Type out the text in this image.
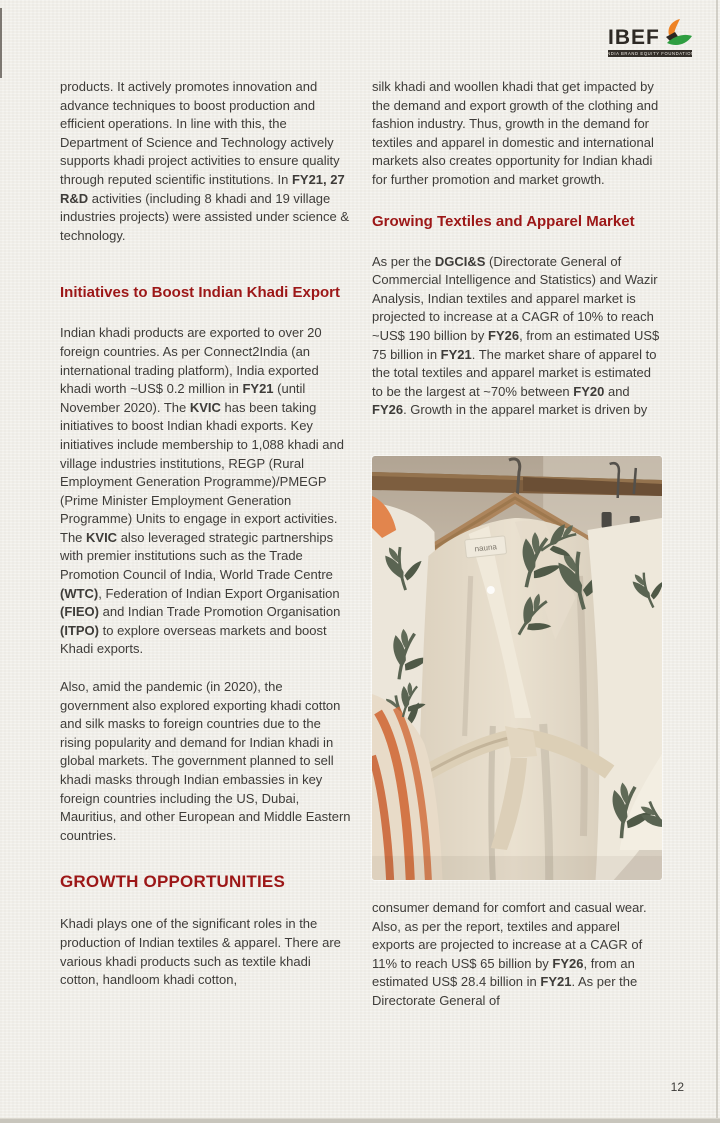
IBEF
INDIA BRAND EQUITY FOUNDATION

products. It actively promotes innovation and advance techniques to boost production and efficient operations. In line with this, the Department of Science and Technology actively supports khadi project activities to ensure quality through reputed scientific institutions. In FY21, 27 R&D activities (including 8 khadi and 19 village industries projects) were assisted under science & technology.

Initiatives to Boost Indian Khadi Export

Indian khadi products are exported to over 20 foreign countries. As per Connect2India (an international trading platform), India exported khadi worth ~US$ 0.2 million in FY21 (until November 2020). The KVIC has been taking initiatives to boost Indian khadi exports. Key initiatives include membership to 1,088 khadi and village industries institutions, REGP (Rural Employment Generation Programme)/PMEGP (Prime Minister Employment Generation Programme) Units to engage in export activities. The KVIC also leveraged strategic partnerships with premier institutions such as the Trade Promotion Council of India, World Trade Centre (WTC), Federation of Indian Export Organisation (FIEO) and Indian Trade Promotion Organisation (ITPO) to explore overseas markets and boost Khadi exports.

Also, amid the pandemic (in 2020), the government also explored exporting khadi cotton and silk masks to foreign countries due to the rising popularity and demand for Indian khadi in global markets. The government planned to sell khadi masks through Indian embassies in key foreign countries including the US, Dubai, Mauritius, and other European and Middle Eastern countries.

GROWTH OPPORTUNITIES

Khadi plays one of the significant roles in the production of Indian textiles & apparel. There are various khadi products such as textile khadi cotton, handloom khadi cotton,

silk khadi and woollen khadi that get impacted by the demand and export growth of the clothing and fashion industry. Thus, growth in the demand for textiles and apparel in domestic and international markets also creates opportunity for Indian khadi for further promotion and market growth.

Growing Textiles and Apparel Market

As per the DGCI&S (Directorate General of Commercial Intelligence and Statistics) and Wazir Analysis, Indian textiles and apparel market is projected to increase at a CAGR of 10% to reach ~US$ 190 billion by FY26, from an estimated US$ 75 billion in FY21. The market share of apparel to the total textiles and apparel market is estimated to be the largest at ~70% between FY20 and FY26. Growth in the apparel market is driven by

nauna

consumer demand for comfort and casual wear. Also, as per the report, textiles and apparel exports are projected to increase at a CAGR of 11% to reach US$ 65 billion by FY26, from an estimated US$ 28.4 billion in FY21. As per the Directorate General of

12
